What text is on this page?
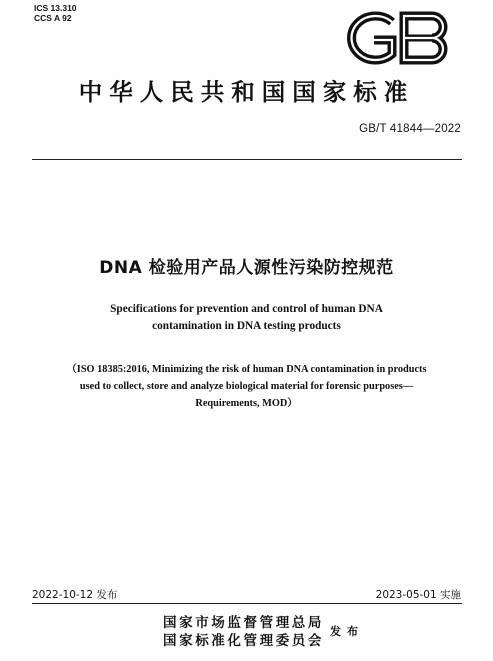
ICS 13.310
CCS A 92
中华人民共和国国家标准
GB/T 41844—2022
DNA 检验用产品人源性污染防控规范
Specifications for prevention and control of human DNA
contamination in DNA testing products
（ISO 18385:2016, Minimizing the risk of human DNA contamination in products
used to collect, store and analyze biological material for forensic purposes—
Requirements, MOD）
2022-10-12 发布	2023-05-01 实施
国家市场监督管理总局
国家标准化管理委员会
发布
